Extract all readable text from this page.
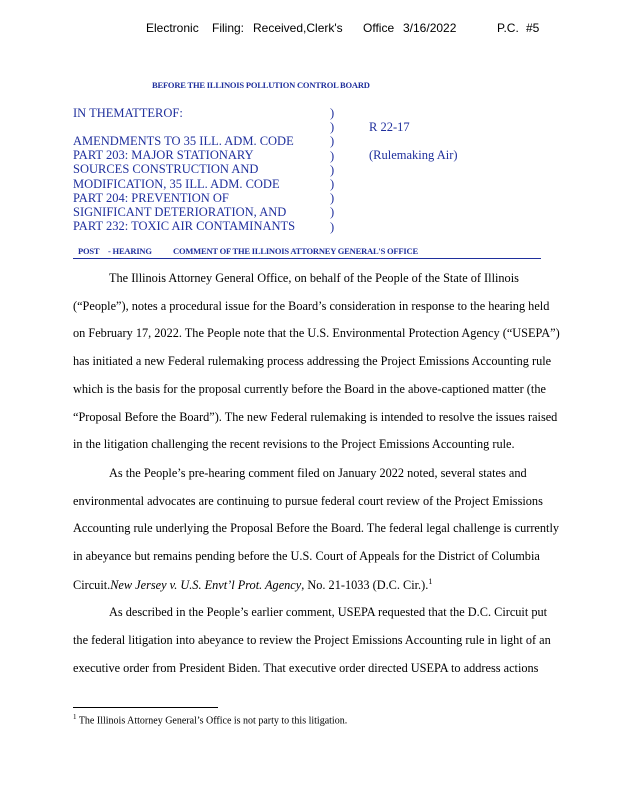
Electronic Filing: Received,Clerk's Office 3/16/2022	P.C. #5
BEFORE THE ILLINOIS POLLUTION CONTROL BOARD
IN THEMATTEROF:
AMENDMENTS TO 35 ILL. ADM. CODE
PART 203: MAJOR STATIONARY
SOURCES CONSTRUCTION AND
MODIFICATION, 35 ILL. ADM. CODE
PART 204: PREVENTION OF
SIGNIFICANT DETERIORATION, AND
PART 232: TOXIC AIR CONTAMINANTS
)
)
)
)
)
)
)
)
)
R 22-17
(Rulemaking Air)
POST - HEARING COMMENT OF THE ILLINOIS ATTORNEY GENERAL'S OFFICE
The Illinois Attorney General Office, on behalf of the People of the State of Illinois
(“People”), notes a procedural issue for the Board’s consideration in response to the hearing held
on February 17, 2022. The People note that the U.S. Environmental Protection Agency (“USEPA”)
has initiated a new Federal rulemaking process addressing the Project Emissions Accounting rule
which is the basis for the proposal currently before the Board in the above-captioned matter (the
“Proposal Before the Board”). The new Federal rulemaking is intended to resolve the issues raised
in the litigation challenging the recent revisions to the Project Emissions Accounting rule.
As the People’s pre-hearing comment filed on January 2022 noted, several states and
environmental advocates are continuing to pursue federal court review of the Project Emissions
Accounting rule underlying the Proposal Before the Board. The federal legal challenge is currently
in abeyance but remains pending before the U.S. Court of Appeals for the District of Columbia
Circuit.New Jersey v. U.S. Envt’l Prot. Agency, No. 21-1033 (D.C. Cir.).$^1$
As described in the People’s earlier comment, USEPA requested that the D.C. Circuit put
the federal litigation into abeyance to review the Project Emissions Accounting rule in light of an
executive order from President Biden. That executive order directed USEPA to address actions
$^1$ The Illinois Attorney General’s Office is not party to this litigation.
